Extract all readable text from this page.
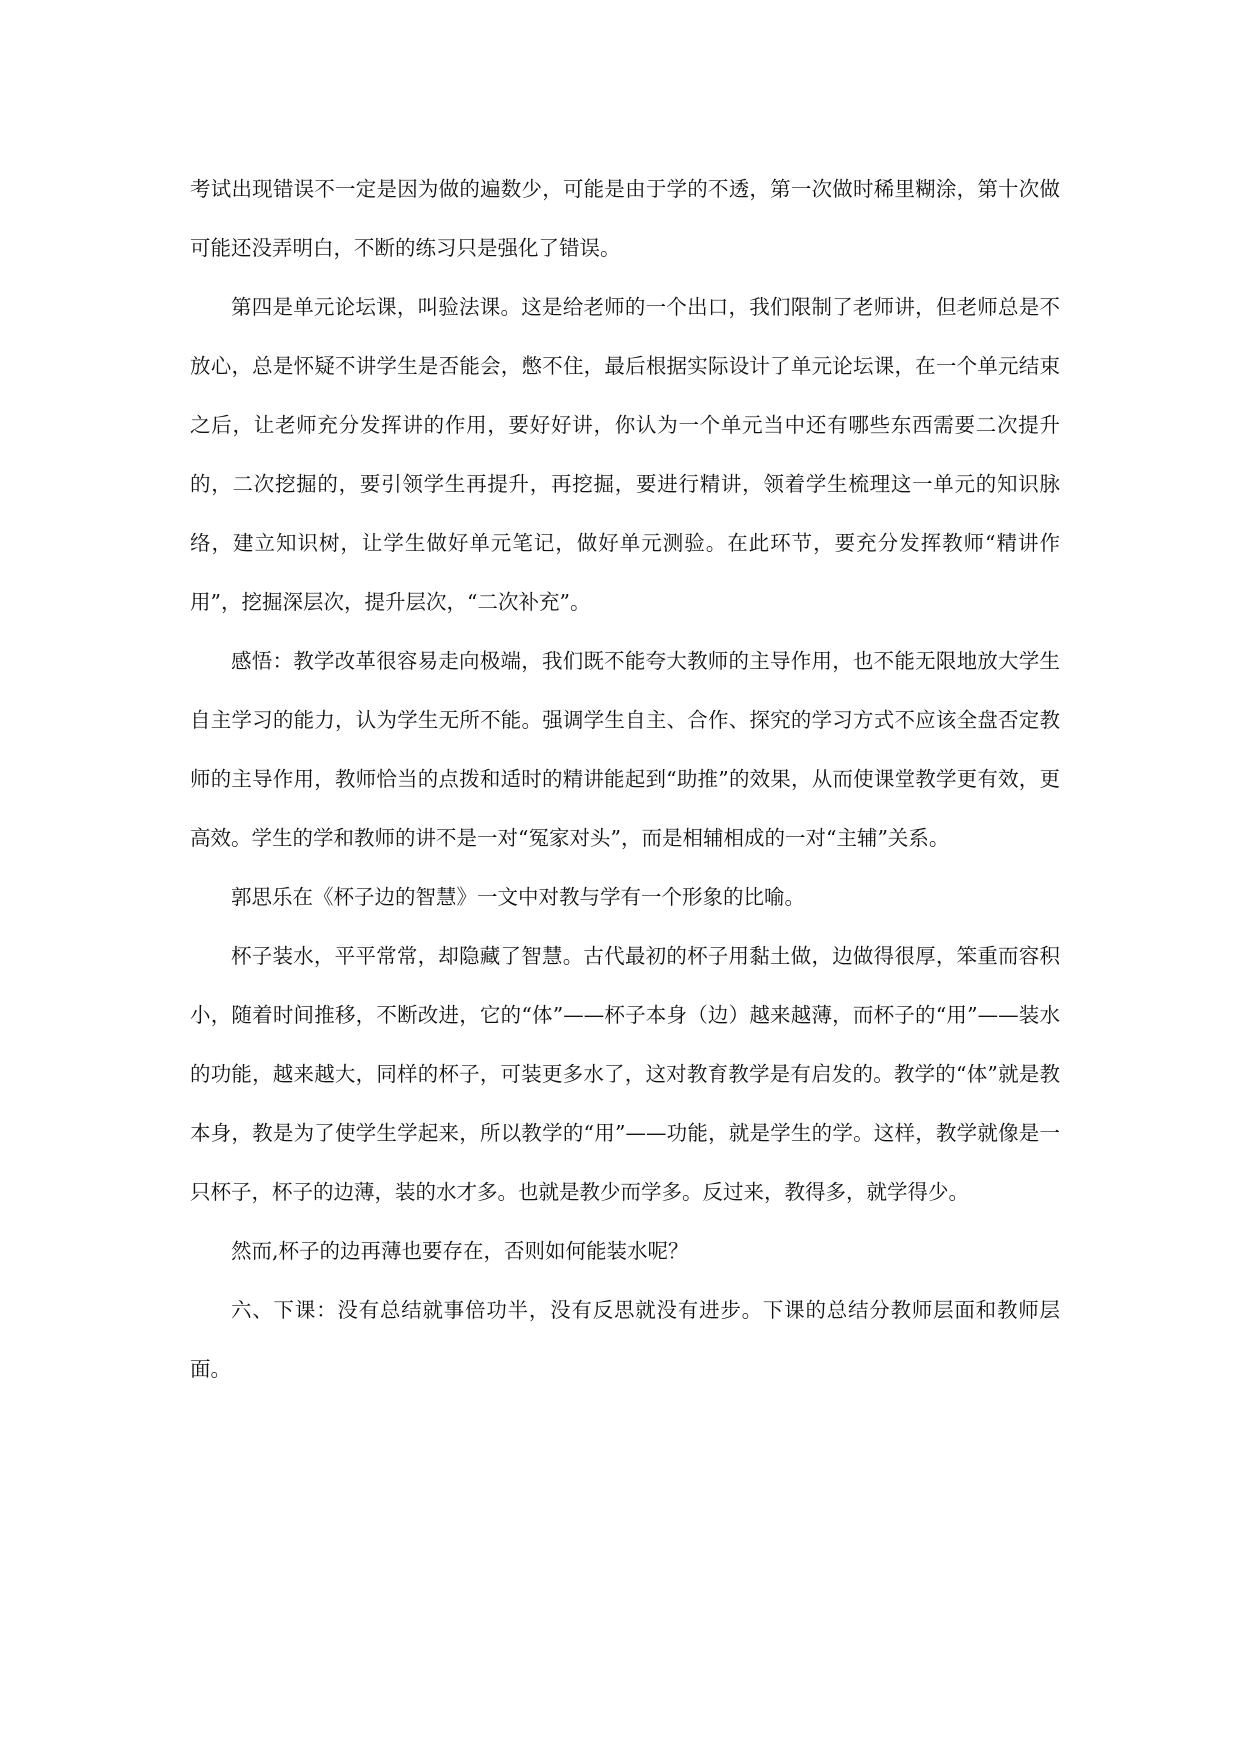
考试出现错误不一定是因为做的遍数少，可能是由于学的不透，第一次做时稀里糊涂，第十次做可能还没弄明白，不断的练习只是强化了错误。

第四是单元论坛课，叫验法课。这是给老师的一个出口，我们限制了老师讲，但老师总是不放心，总是怀疑不讲学生是否能会，憋不住，最后根据实际设计了单元论坛课，在一个单元结束之后，让老师充分发挥讲的作用，要好好讲，你认为一个单元当中还有哪些东西需要二次提升的，二次挖掘的，要引领学生再提升，再挖掘，要进行精讲，领着学生梳理这一单元的知识脉络，建立知识树，让学生做好单元笔记，做好单元测验。在此环节，要充分发挥教师“精讲作用”，挖掘深层次，提升层次，“二次补充”。

感悟：教学改革很容易走向极端，我们既不能夸大教师的主导作用，也不能无限地放大学生自主学习的能力，认为学生无所不能。强调学生自主、合作、探究的学习方式不应该全盘否定教师的主导作用，教师恰当的点拨和适时的精讲能起到“助推”的效果，从而使课堂教学更有效，更高效。学生的学和教师的讲不是一对“冤家对头”，而是相辅相成的一对“主辅”关系。

郭思乐在《杯子边的智慧》一文中对教与学有一个形象的比喻。

杯子装水，平平常常，却隐藏了智慧。古代最初的杯子用黏土做，边做得很厚，笨重而容积小，随着时间推移，不断改进，它的“体”——杯子本身（边）越来越薄，而杯子的“用”——装水的功能，越来越大，同样的杯子，可装更多水了，这对教育教学是有启发的。教学的“体”就是教本身，教是为了使学生学起来，所以教学的“用”——功能，就是学生的学。这样，教学就像是一只杯子，杯子的边薄，装的水才多。也就是教少而学多。反过来，教得多，就学得少。

然而,杯子的边再薄也要存在，否则如何能装水呢？

六、下课：没有总结就事倍功半，没有反思就没有进步。下课的总结分教师层面和教师层面。
